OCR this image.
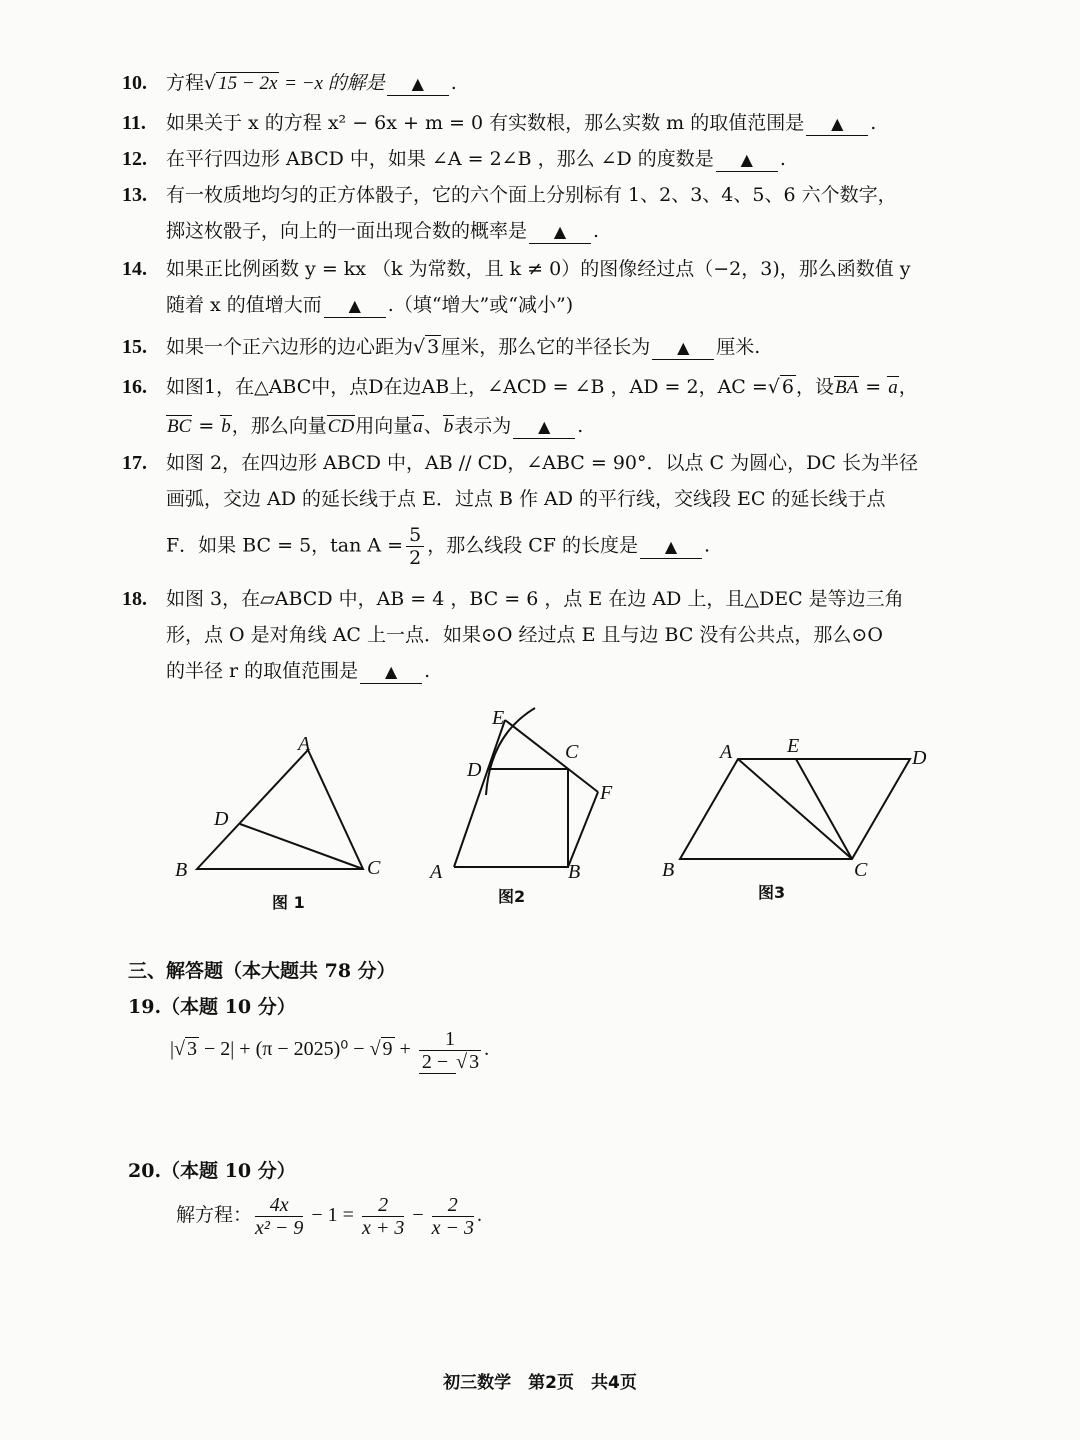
10. 方程√ 15 − 2x = −x 的解是 ▲ .
11. 如果关于 x 的方程 x² − 6x + m = 0 有实数根，那么实数 m 的取值范围是 ▲ .
12. 在平行四边形 ABCD 中，如果 ∠A = 2∠B ，那么 ∠D 的度数是 ▲ .
13. 有一枚质地均匀的正方体骰子，它的六个面上分别标有 1、2、3、4、5、6 六个数字，
掷这枚骰子，向上的一面出现合数的概率是 ▲ .
14. 如果正比例函数 y = kx （k 为常数，且 k ≠ 0）的图像经过点（−2，3)，那么函数值 y
随着 x 的值增大而 ▲ .（填“增大”或“减小”)
15. 如果一个正六边形的边心距为√ 3 厘米，那么它的半径长为 ▲ 厘米.
16. 如图1，在△ABC中，点D在边AB上，∠ACD = ∠B ，AD = 2，AC =√ 6 ，设BA = a，
BC = b，那么向量CD用向量a、b表示为 ▲ .
17. 如图 2，在四边形 ABCD 中，AB // CD，∠ABC = 90°．以点 C 为圆心，DC 长为半径
画弧，交边 AD 的延长线于点 E．过点 B 作 AD 的平行线，交线段 EC 的延长线于点
F．如果 BC = 5，$\tan A = \frac{5}{2}$ ，那么线段 CF 的长度是 ▲ .
18. 如图 3，在▱ABCD 中，AB = 4 ，BC = 6 ，点 E 在边 AD 上，且△DEC 是等边三角
形，点 O 是对角线 AC 上一点．如果⊙O 经过点 E 且与边 BC 没有公共点，那么⊙O
的半径 r 的取值范围是 ▲ .
A
B	C
D
E
C
D
F
A	B
A	E
D
B	C
图 1	图2	图3
三、解答题（本大题共 78 分）
19.（本题 10 分）
|√ 3 − 2| + (π − 2025)⁰ − √ $9 + \frac{1}{2 - √ 3}$ .
20.（本题 10 分）
解方程： $\frac{4x}{\text{x² − 9}} - 1 = \frac{2}{x + 3} - \frac{2}{x - 3}$ .
初三数学　第2页　共4页
